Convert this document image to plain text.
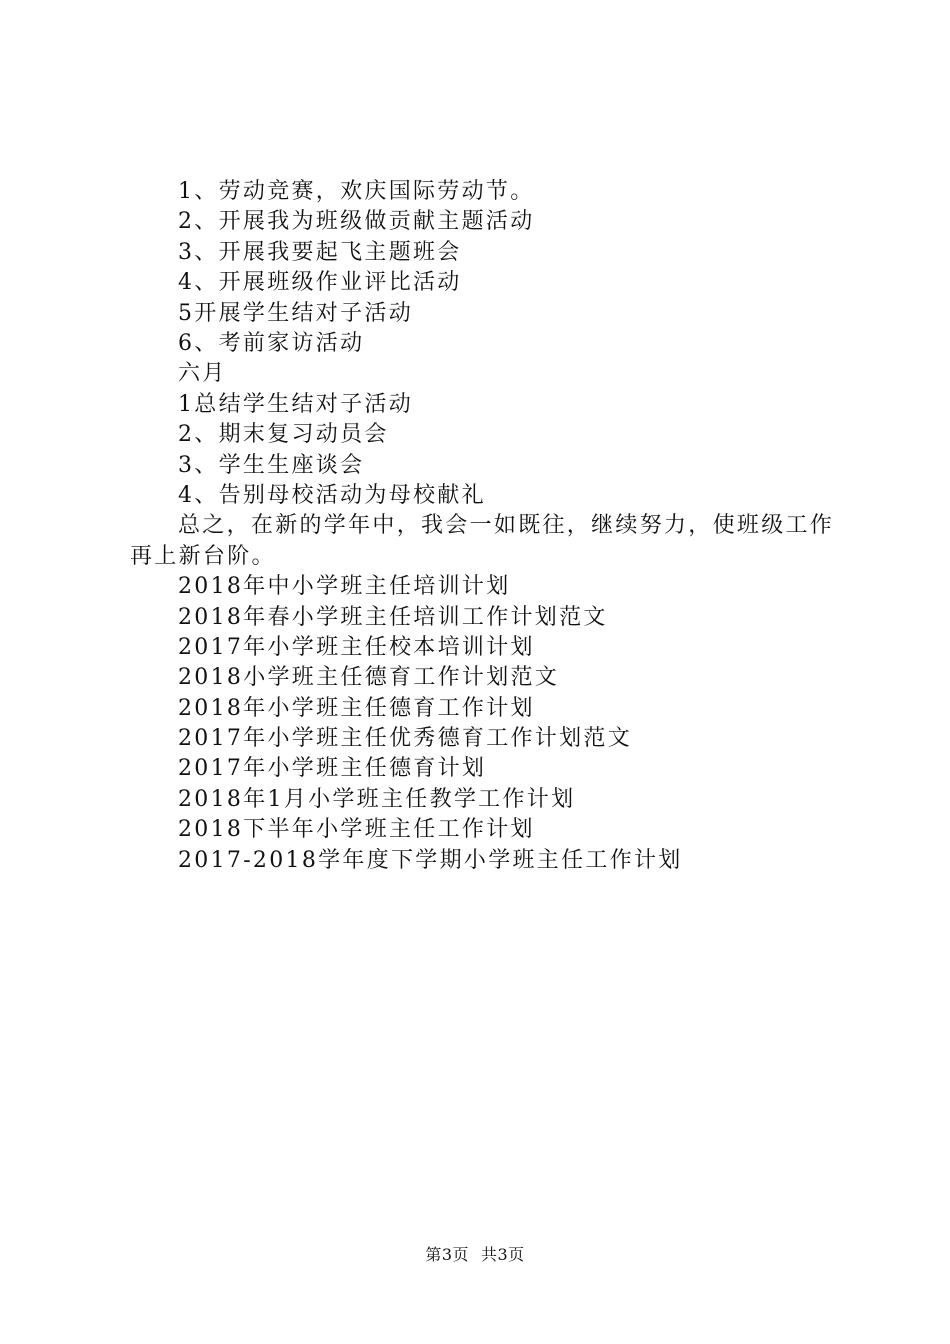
1、劳动竞赛，欢庆国际劳动节。
2、开展我为班级做贡献主题活动
3、开展我要起飞主题班会
4、开展班级作业评比活动
5开展学生结对子活动
6、考前家访活动
六月
1总结学生结对子活动
2、期末复习动员会
3、学生生座谈会
4、告别母校活动为母校献礼
总之，在新的学年中，我会一如既往，继续努力，使班级工作再上新台阶。
2018年中小学班主任培训计划
2018年春小学班主任培训工作计划范文
2017年小学班主任校本培训计划
2018小学班主任德育工作计划范文
2018年小学班主任德育工作计划
2017年小学班主任优秀德育工作计划范文
2017年小学班主任德育计划
2018年1月小学班主任教学工作计划
2018下半年小学班主任工作计划
2017-2018学年度下学期小学班主任工作计划
第3页 共3页
